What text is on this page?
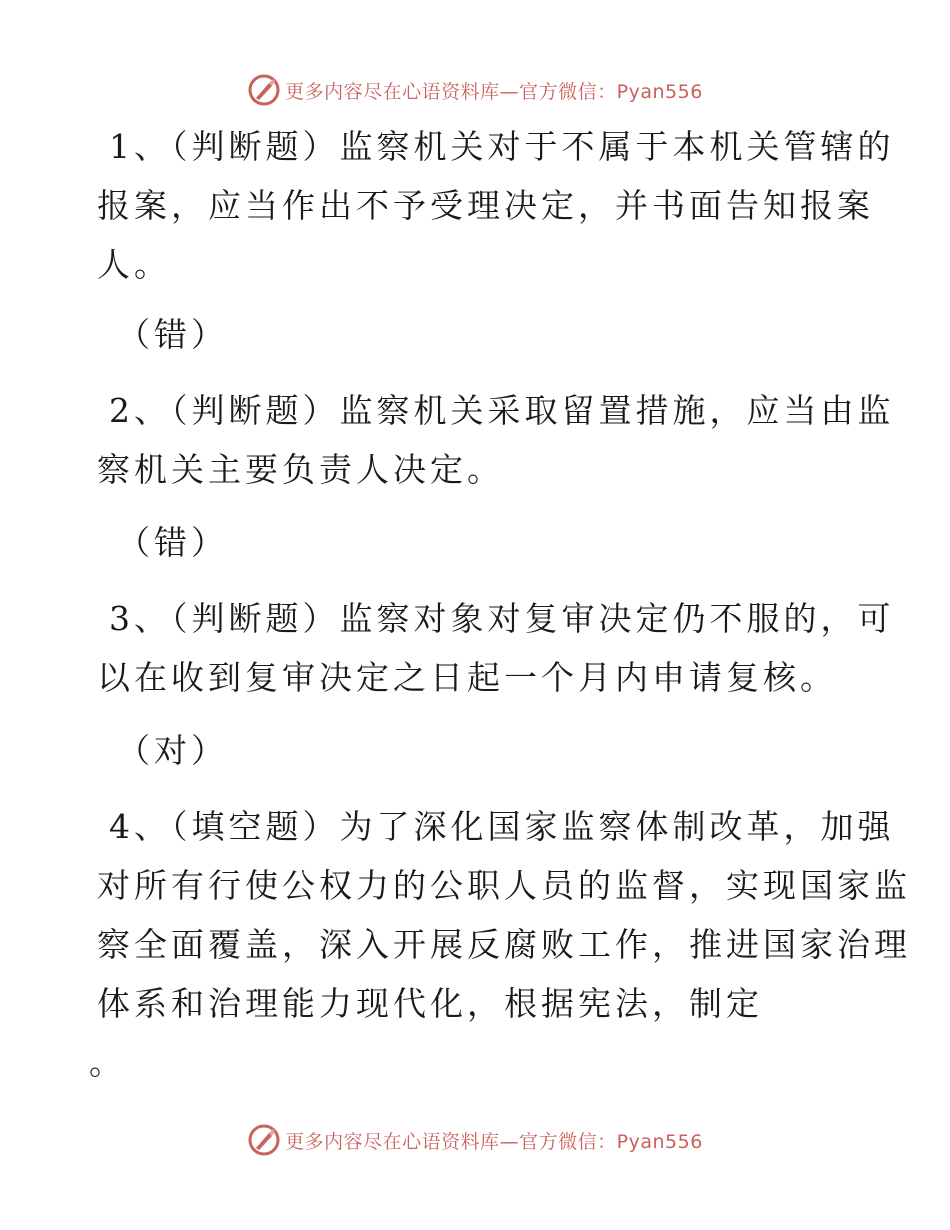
更多内容尽在心语资料库—官方微信：Pyan556
1、（判断题）监察机关对于不属于本机关管辖的
报案，应当作出不予受理决定，并书面告知报案
人。
（错）
2、（判断题）监察机关采取留置措施，应当由监
察机关主要负责人决定。
（错）
3、（判断题）监察对象对复审决定仍不服的，可
以在收到复审决定之日起一个月内申请复核。
（对）
4、（填空题）为了深化国家监察体制改革，加强
对所有行使公权力的公职人员的监督，实现国家监
察全面覆盖，深入开展反腐败工作，推进国家治理
体系和治理能力现代化，根据宪法，制定
。
更多内容尽在心语资料库—官方微信：Pyan556
